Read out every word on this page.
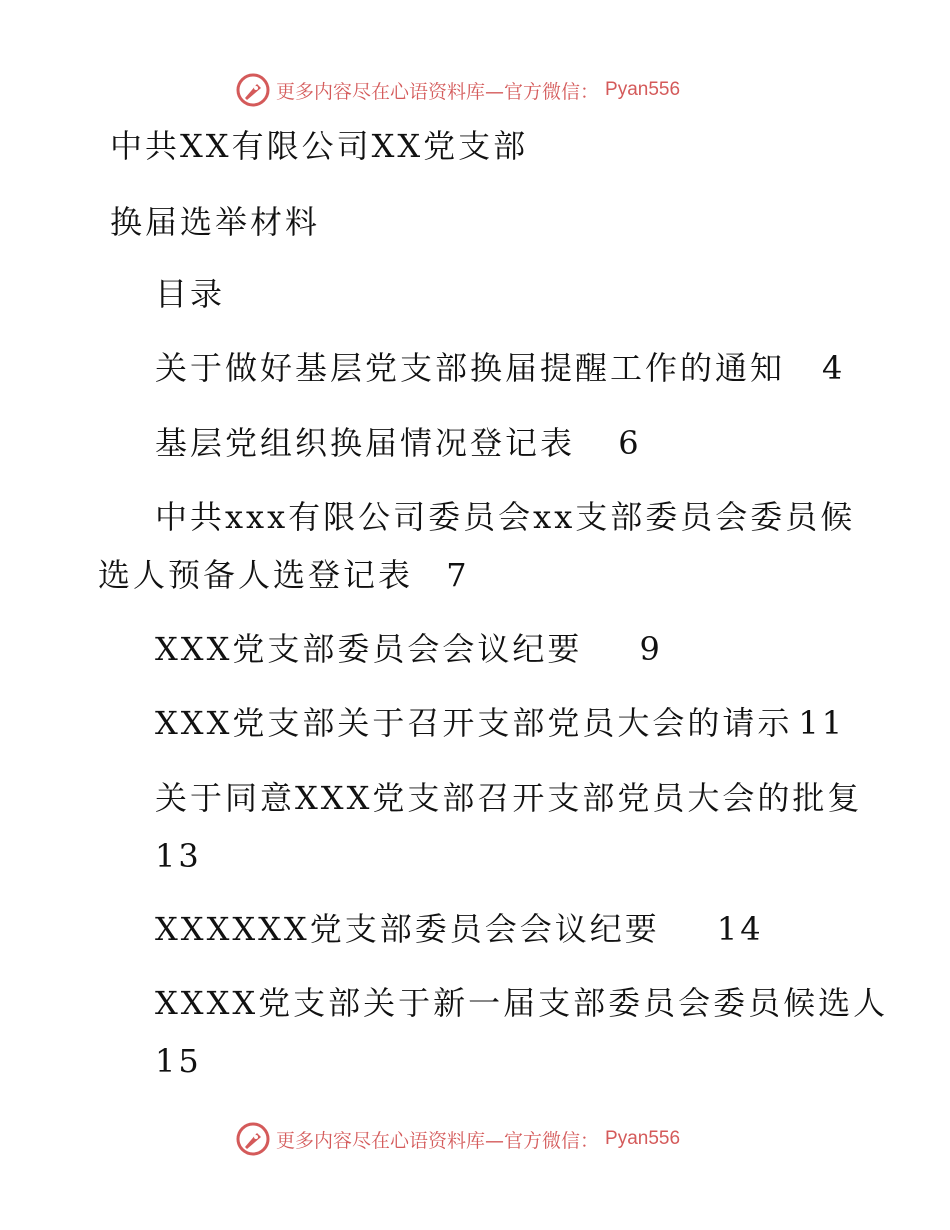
更多内容尽在心语资料库—官方微信： Pyan556
中共XX有限公司XX党支部
换届选举材料
目录
关于做好基层党支部换届提醒工作的通知 4
基层党组织换届情况登记表 6
中共xxx有限公司委员会xx支部委员会委员候
选人预备人选登记表 7
XXX党支部委员会会议纪要 9
XXX党支部关于召开支部党员大会的请示 11
关于同意XXX党支部召开支部党员大会的批复
13
XXXXXX党支部委员会会议纪要 14
XXXX党支部关于新一届支部委员会委员候选人
15
更多内容尽在心语资料库—官方微信： Pyan556
